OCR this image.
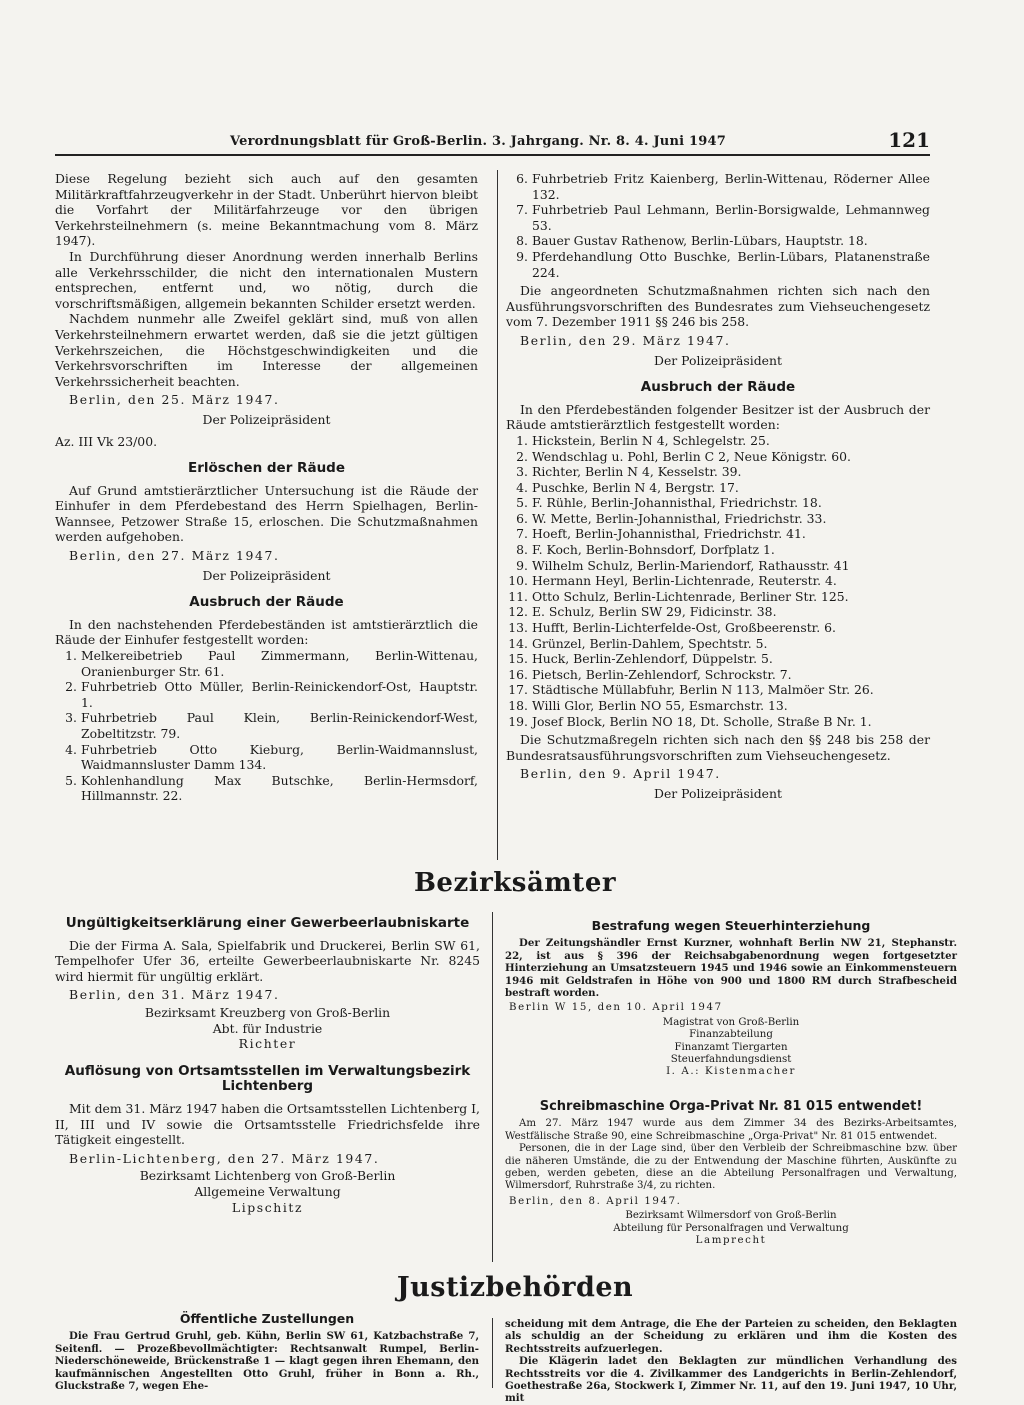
Verordnungsblatt für Groß-Berlin. 3. Jahrgang. Nr. 8. 4. Juni 1947	121

Diese Regelung bezieht sich auch auf den gesamten Militärkraftfahrzeugverkehr in der Stadt. Unberührt hiervon bleibt die Vorfahrt der Militärfahrzeuge vor den übrigen Verkehrsteilnehmern (s. meine Bekanntmachung vom 8. März 1947).

In Durchführung dieser Anordnung werden innerhalb Berlins alle Verkehrsschilder, die nicht den internationalen Mustern entsprechen, entfernt und, wo nötig, durch die vorschriftsmäßigen, allgemein bekannten Schilder ersetzt werden.

Nachdem nunmehr alle Zweifel geklärt sind, muß von allen Verkehrsteilnehmern erwartet werden, daß sie die jetzt gültigen Verkehrszeichen, die Höchstgeschwindigkeiten und die Verkehrsvorschriften im Interesse der allgemeinen Verkehrssicherheit beachten.

Berlin, den 25. März 1947.

Der Polizeipräsident

Az. III Vk 23/00.

Erlöschen der Räude

Auf Grund amtstierärztlicher Untersuchung ist die Räude der Einhufer in dem Pferdebestand des Herrn Spielhagen, Berlin-Wannsee, Petzower Straße 15, erloschen. Die Schutzmaßnahmen werden aufgehoben.

Berlin, den 27. März 1947.

Der Polizeipräsident

Ausbruch der Räude

In den nachstehenden Pferdebeständen ist amtstierärztlich die Räude der Einhufer festgestellt worden:

1. Melkereibetrieb Paul Zimmermann, Berlin-Wittenau, Oranienburger Str. 61.
2. Fuhrbetrieb Otto Müller, Berlin-Reinickendorf-Ost, Hauptstr. 1.
3. Fuhrbetrieb Paul Klein, Berlin-Reinickendorf-West, Zobeltitzstr. 79.
4. Fuhrbetrieb Otto Kieburg, Berlin-Waidmannslust, Waidmannsluster Damm 134.
5. Kohlenhandlung Max Butschke, Berlin-Hermsdorf, Hillmannstr. 22.
6. Fuhrbetrieb Fritz Kaienberg, Berlin-Wittenau, Röderner Allee 132.
7. Fuhrbetrieb Paul Lehmann, Berlin-Borsigwalde, Lehmannweg 53.
8. Bauer Gustav Rathenow, Berlin-Lübars, Hauptstr. 18.
9. Pferdehandlung Otto Buschke, Berlin-Lübars, Platanenstraße 224.

Die angeordneten Schutzmaßnahmen richten sich nach den Ausführungsvorschriften des Bundesrates zum Viehseuchengesetz vom 7. Dezember 1911 §§ 246 bis 258.

Berlin, den 29. März 1947.

Der Polizeipräsident

Ausbruch der Räude

In den Pferdebeständen folgender Besitzer ist der Ausbruch der Räude amtstierärztlich festgestellt worden:

1. Hickstein, Berlin N 4, Schlegelstr. 25.
2. Wendschlag u. Pohl, Berlin C 2, Neue Königstr. 60.
3. Richter, Berlin N 4, Kesselstr. 39.
4. Puschke, Berlin N 4, Bergstr. 17.
5. F. Rühle, Berlin-Johannisthal, Friedrichstr. 18.
6. W. Mette, Berlin-Johannisthal, Friedrichstr. 33.
7. Hoeft, Berlin-Johannisthal, Friedrichstr. 41.
8. F. Koch, Berlin-Bohnsdorf, Dorfplatz 1.
9. Wilhelm Schulz, Berlin-Mariendorf, Rathausstr. 41
10. Hermann Heyl, Berlin-Lichtenrade, Reuterstr. 4.
11. Otto Schulz, Berlin-Lichtenrade, Berliner Str. 125.
12. E. Schulz, Berlin SW 29, Fidicinstr. 38.
13. Hufft, Berlin-Lichterfelde-Ost, Großbeerenstr. 6.
14. Grünzel, Berlin-Dahlem, Spechtstr. 5.
15. Huck, Berlin-Zehlendorf, Düppelstr. 5.
16. Pietsch, Berlin-Zehlendorf, Schrockstr. 7.
17. Städtische Müllabfuhr, Berlin N 113, Malmöer Str. 26.
18. Willi Glor, Berlin NO 55, Esmarchstr. 13.
19. Josef Block, Berlin NO 18, Dt. Scholle, Straße B Nr. 1.

Die Schutzmaßregeln richten sich nach den §§ 248 bis 258 der Bundesratsausführungsvorschriften zum Viehseuchengesetz.

Berlin, den 9. April 1947.

Der Polizeipräsident

Bezirksämter

Ungültigkeitserklärung einer Gewerbeerlaubniskarte

Die der Firma A. Sala, Spielfabrik und Druckerei, Berlin SW 61, Tempelhofer Ufer 36, erteilte Gewerbeerlaubniskarte Nr. 8245 wird hiermit für ungültig erklärt.

Berlin, den 31. März 1947.

Bezirksamt Kreuzberg von Groß-Berlin

Abt. für Industrie

Richter

Auflösung von Ortsamtsstellen im Verwaltungsbezirk Lichtenberg

Mit dem 31. März 1947 haben die Ortsamtsstellen Lichtenberg I, II, III und IV sowie die Ortsamtsstelle Friedrichsfelde ihre Tätigkeit eingestellt.

Berlin-Lichtenberg, den 27. März 1947.

Bezirksamt Lichtenberg von Groß-Berlin

Allgemeine Verwaltung

Lipschitz

Bestrafung wegen Steuerhinterziehung

Der Zeitungshändler Ernst Kurzner, wohnhaft Berlin NW 21, Stephanstr. 22, ist aus § 396 der Reichsabgabenordnung wegen fortgesetzter Hinterziehung an Umsatzsteuern 1945 und 1946 sowie an Einkommensteuern 1946 mit Geldstrafen in Höhe von 900 und 1800 RM durch Strafbescheid bestraft worden.

Berlin W 15, den 10. April 1947

Magistrat von Groß-Berlin

Finanzabteilung

Finanzamt Tiergarten

Steuerfahndungsdienst

I. A.: Kistenmacher

Schreibmaschine Orga-Privat Nr. 81 015 entwendet!

Am 27. März 1947 wurde aus dem Zimmer 34 des Bezirks-Arbeitsamtes, Westfälische Straße 90, eine Schreibmaschine „Orga-Privat" Nr. 81 015 entwendet.

Personen, die in der Lage sind, über den Verbleib der Schreibmaschine bzw. über die näheren Umstände, die zu der Entwendung der Maschine führten, Auskünfte zu geben, werden gebeten, diese an die Abteilung Personalfragen und Verwaltung, Wilmersdorf, Ruhrstraße 3/4, zu richten.

Berlin, den 8. April 1947.

Bezirksamt Wilmersdorf von Groß-Berlin

Abteilung für Personalfragen und Verwaltung

Lamprecht

Justizbehörden

Öffentliche Zustellungen

Die Frau Gertrud Gruhl, geb. Kühn, Berlin SW 61, Katzbachstraße 7, Seitenfl. — Prozeßbevollmächtigter: Rechtsanwalt Rumpel, Berlin-Niederschöneweide, Brückenstraße 1 — klagt gegen ihren Ehemann, den kaufmännischen Angestellten Otto Gruhl, früher in Bonn a. Rh., Gluckstraße 7, wegen Ehe-

scheidung mit dem Antrage, die Ehe der Parteien zu scheiden, den Beklagten als schuldig an der Scheidung zu erklären und ihm die Kosten des Rechtsstreits aufzuerlegen.

Die Klägerin ladet den Beklagten zur mündlichen Verhandlung des Rechtsstreits vor die 4. Zivilkammer des Landgerichts in Berlin-Zehlendorf, Goethestraße 26a, Stockwerk I, Zimmer Nr. 11, auf den 19. Juni 1947, 10 Uhr, mit
